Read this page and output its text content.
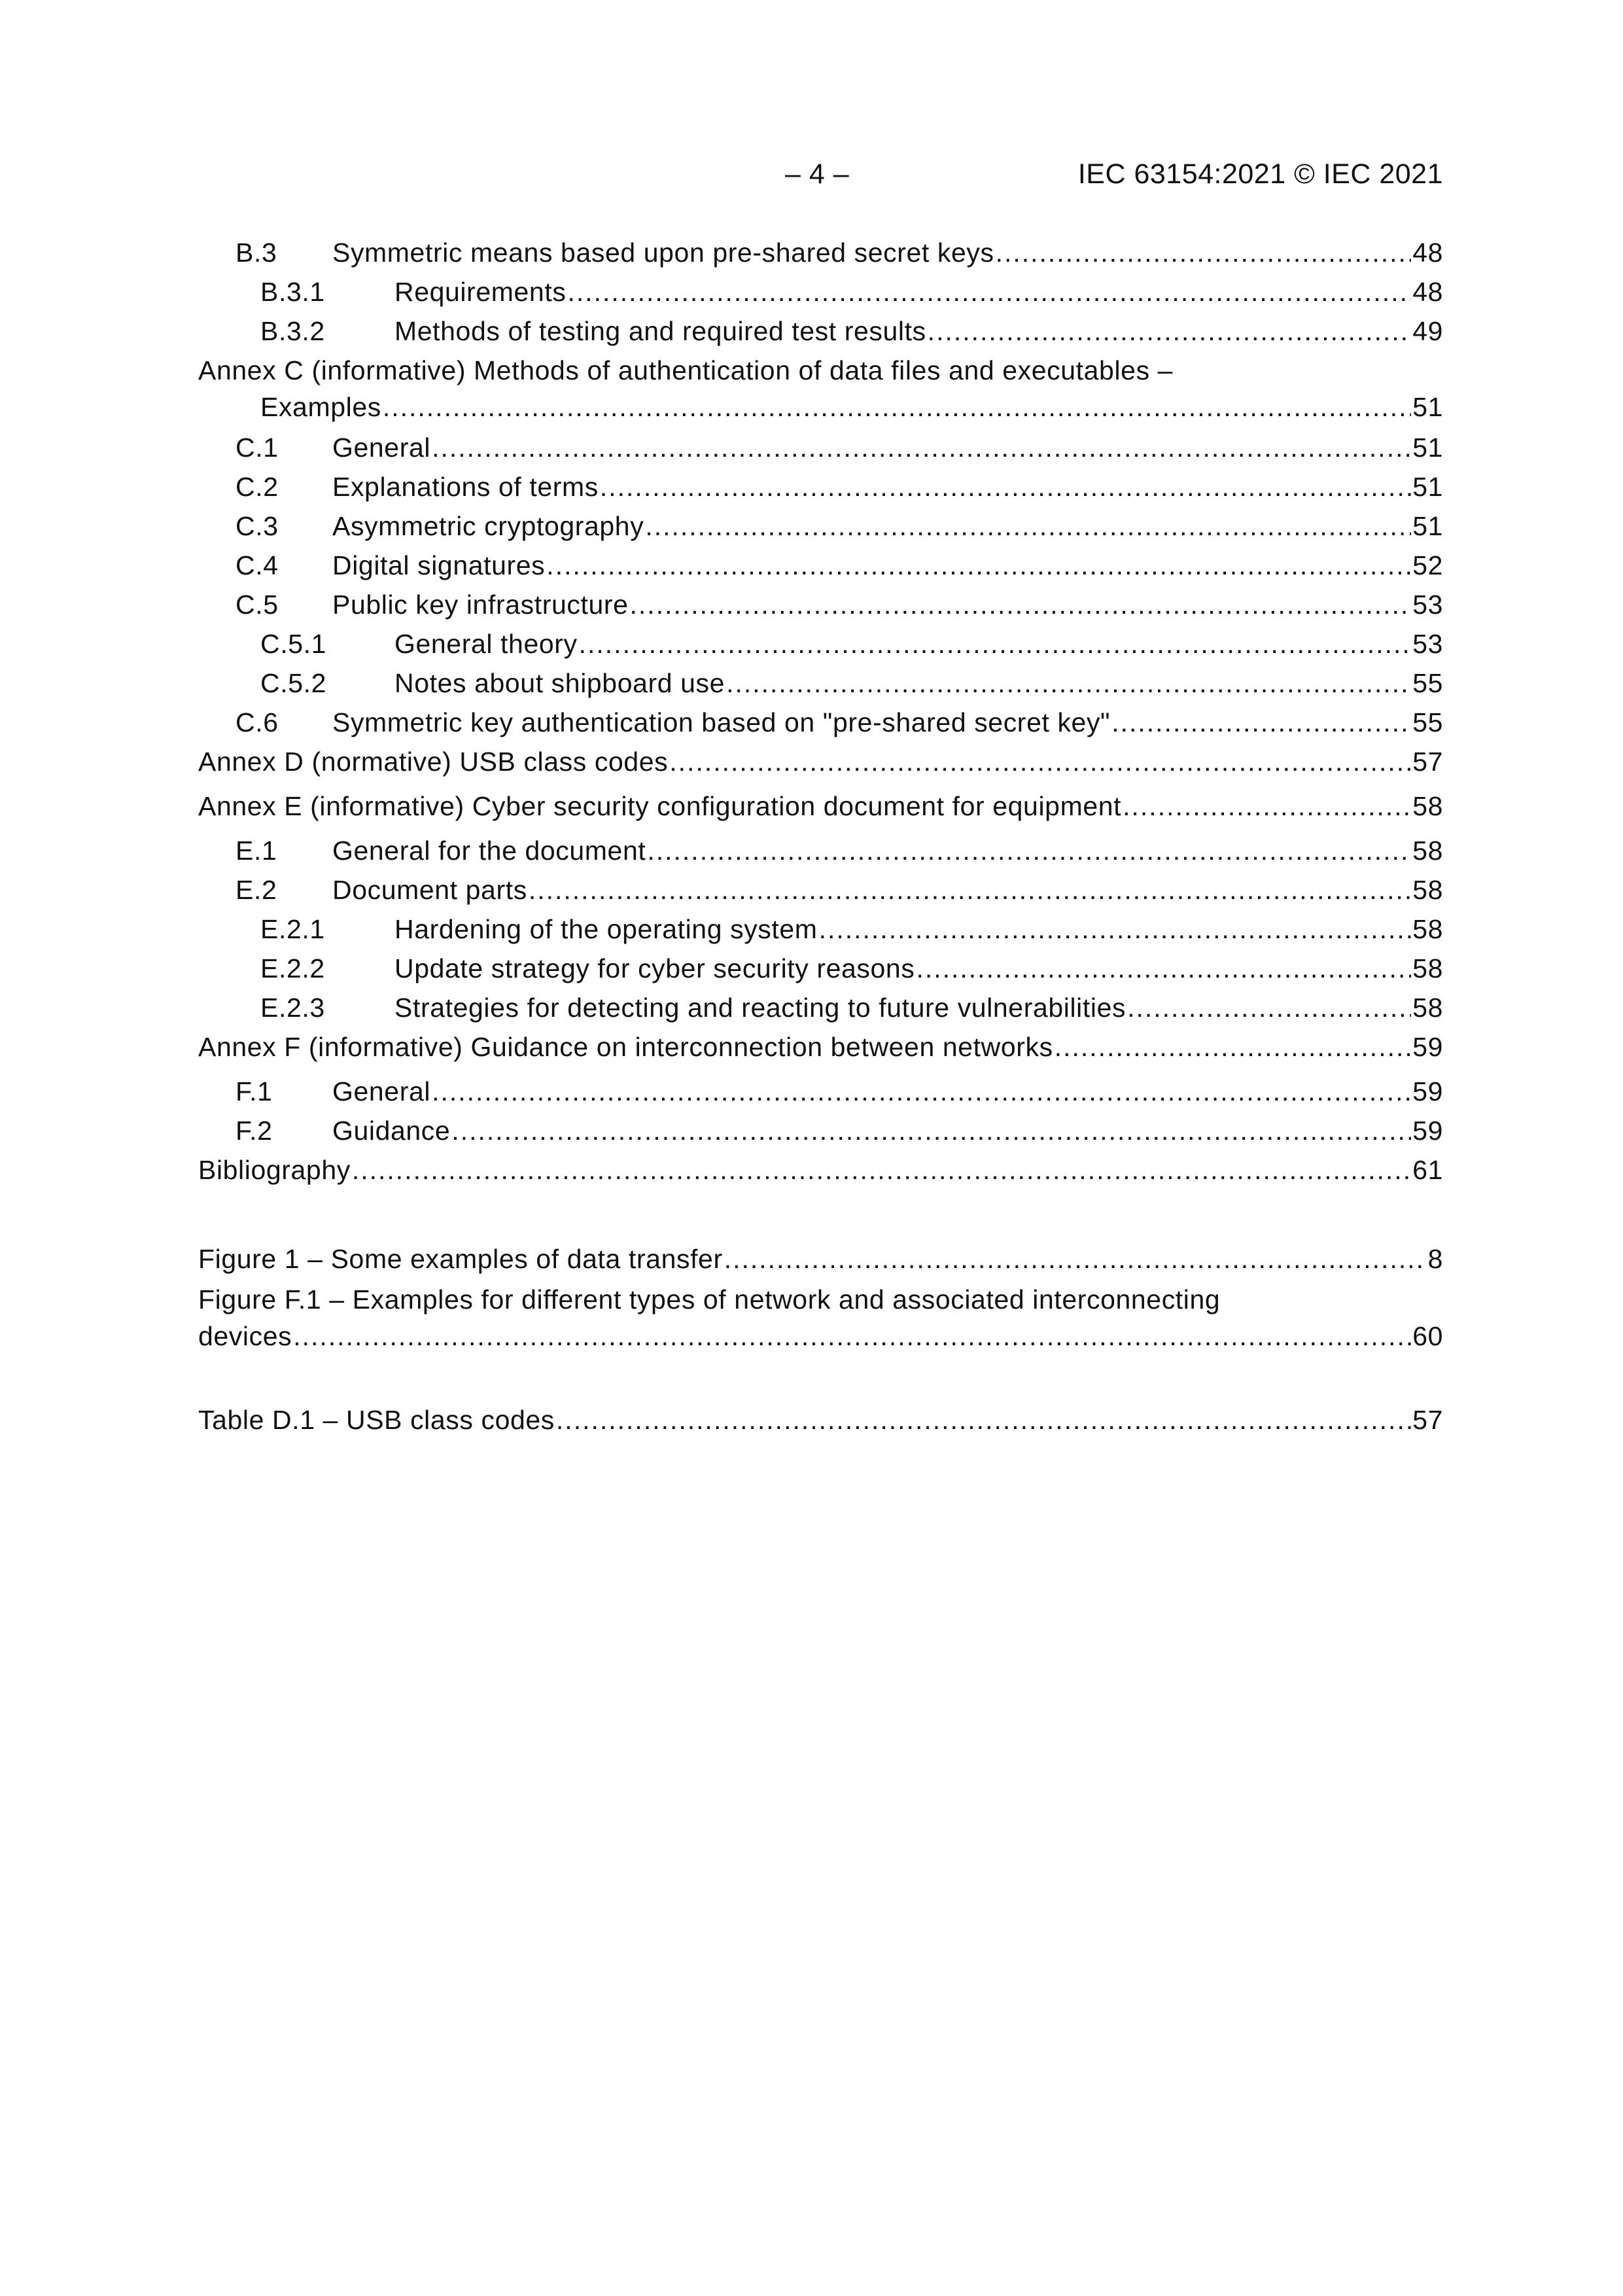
– 4 –	IEC 63154:2021 © IEC 2021
B.3	Symmetric means based upon pre-shared secret keys .....	48
B.3.1	Requirements .....	48
B.3.2	Methods of testing and required test results .....	49
Annex C (informative) Methods of authentication of data files and executables –
Examples .....	51
C.1	General .....	51
C.2	Explanations of terms .....	51
C.3	Asymmetric cryptography .....	51
C.4	Digital signatures .....	52
C.5	Public key infrastructure .....	53
C.5.1	General theory .....	53
C.5.2	Notes about shipboard use .....	55
C.6	Symmetric key authentication based on "pre-shared secret key" .....	55
Annex D (normative) USB class codes .....	57
Annex E (informative) Cyber security configuration document for equipment .....	58
E.1	General for the document .....	58
E.2	Document parts .....	58
E.2.1	Hardening of the operating system .....	58
E.2.2	Update strategy for cyber security reasons .....	58
E.2.3	Strategies for detecting and reacting to future vulnerabilities .....	58
Annex F (informative) Guidance on interconnection between networks .....	59
F.1	General .....	59
F.2	Guidance .....	59
Bibliography .....	61
Figure 1 – Some examples of data transfer .....	8
Figure F.1 – Examples for different types of network and associated interconnecting
devices .....	60
Table D.1 – USB class codes .....	57
